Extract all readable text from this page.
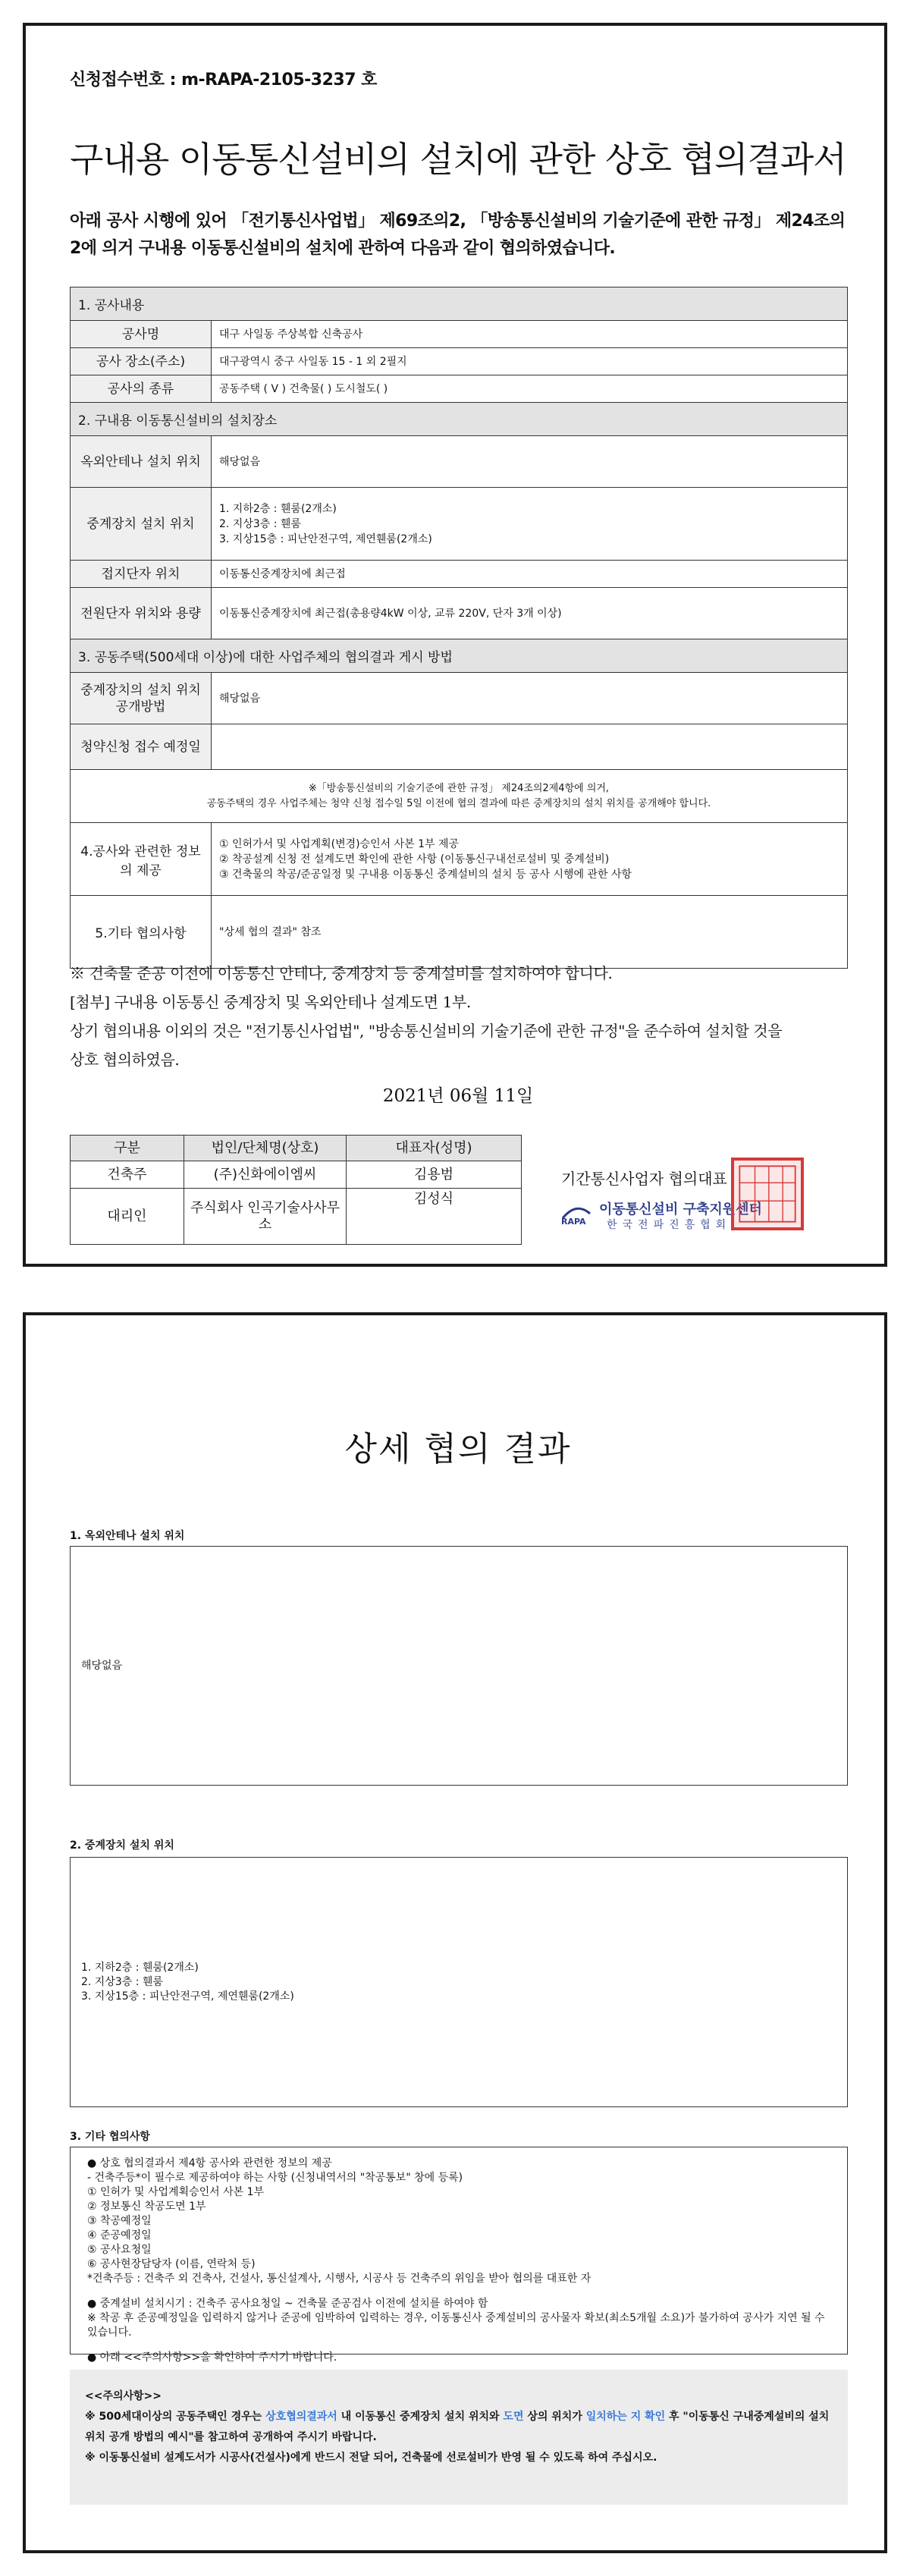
신청접수번호 : m-RAPA-2105-3237 호
구내용 이동통신설비의 설치에 관한 상호 협의결과서
아래 공사 시행에 있어 「전기통신사업법」 제69조의2, 「방송통신설비의 기술기준에 관한 규정」 제24조의2에 의거 구내용 이동통신설비의 설치에 관하여 다음과 같이 협의하였습니다.
1. 공사내용	
공사명	대구 사일동 주상복합 신축공사
공사 장소(주소)	대구광역시 중구 사일동 15 - 1 외 2필지
공사의 종류	공동주택 ( V ) 건축물( ) 도시철도( )
2. 구내용 이동통신설비의 설치장소	
옥외안테나 설치 위치	해당없음
중계장치 설치 위치	1. 지하2층 : 휀룸(2개소)
2. 지상3층 : 휀룸
3. 지상15층 : 피난안전구역, 제연휀룸(2개소)

접지단자 위치	이동통신중계장치에 최근접
전원단자 위치와 용량	이동통신중계장치에 최근접(총용량4kW 이상, 교류 220V, 단자 3개 이상)
3. 공동주택(500세대 이상)에 대한 사업주체의 협의결과 게시 방법	
중계장치의 설치 위치 공개방법	해당없음
청약신청 접수 예정일	

※「방송통신설비의 기술기준에 관한 규정」 제24조의2제4항에 의거,
공동주택의 경우 사업주체는 청약 신청 접수일 5일 이전에 협의 결과에 따른 중계장치의 설치 위치를 공개해야 합니다.	

4.공사와 관련한 정보의 제공	① 인허가서 및 사업계획(변경)승인서 사본 1부 제공
② 착공설계 신청 전 설계도면 확인에 관한 사항 (이동통신구내선로설비 및 중계설비)
③ 건축물의 착공/준공일정 및 구내용 이동통신 중계설비의 설치 등 공사 시행에 관한 사항

5.기타 협의사항	"상세 협의 결과" 참조
※ 건축물 준공 이전에 이동통신 안테나, 중계장치 등 중계설비를 설치하여야 합니다.
[첨부] 구내용 이동통신 중계장치 및 옥외안테나 설계도면 1부.
상기 협의내용 이외의 것은 "전기통신사업법", "방송통신설비의 기술기준에 관한 규정"을 준수하여 설치할 것을
상호 협의하였음.
2021년 06월 11일
구분	법인/단체명(상호)	대표자(성명)
건축주	(주)신화에이엠씨	김용범
대리인	주식회사 인곡기술사사무소	김성식
기간통신사업자 협의대표
RAPA
이동통신설비 구축지원센터
한국전파진흥협회
상세 협의 결과
1. 옥외안테나 설치 위치
해당없음
2. 중계장치 설치 위치
1. 지하2층 : 휀룸(2개소)
2. 지상3층 : 휀룸
3. 지상15층 : 피난안전구역, 제연휀룸(2개소)
3. 기타 협의사항
● 상호 협의결과서 제4항 공사와 관련한 정보의 제공
- 건축주등*이 필수로 제공하여야 하는 사항 (신청내역서의 "착공통보" 창에 등록)
① 인허가 및 사업계획승인서 사본 1부
② 정보통신 착공도면 1부
③ 착공예정일
④ 준공예정일
⑤ 공사요청일
⑥ 공사현장담당자 (이름, 연락처 등)
*건축주등 : 건축주 외 건축사, 건설사, 통신설계사, 시행사, 시공사 등 건축주의 위임을 받아 협의를 대표한 자
● 중계설비 설치시기 : 건축주 공사요청일 ~ 건축물 준공검사 이전에 설치를 하여야 함
※ 착공 후 준공예정일을 입력하지 않거나 준공에 임박하여 입력하는 경우, 이동통신사 중계설비의 공사물자 확보(최소5개월 소요)가 불가하여 공사가 지연 될 수 있습니다.
● 아래 <<주의사항>>을 확인하여 주시기 바랍니다.
<<주의사항>>
※ 500세대이상의 공동주택인 경우는 상호협의결과서 내 이동통신 중계장치 설치 위치와 도면 상의 위치가 일치하는 지 확인 후 "이동통신 구내중계설비의 설치위치 공개 방법의 예시"를 참고하여 공개하여 주시기 바랍니다.
※ 이동통신설비 설계도서가 시공사(건설사)에게 반드시 전달 되어, 건축물에 선로설비가 반영 될 수 있도록 하여 주십시오.
